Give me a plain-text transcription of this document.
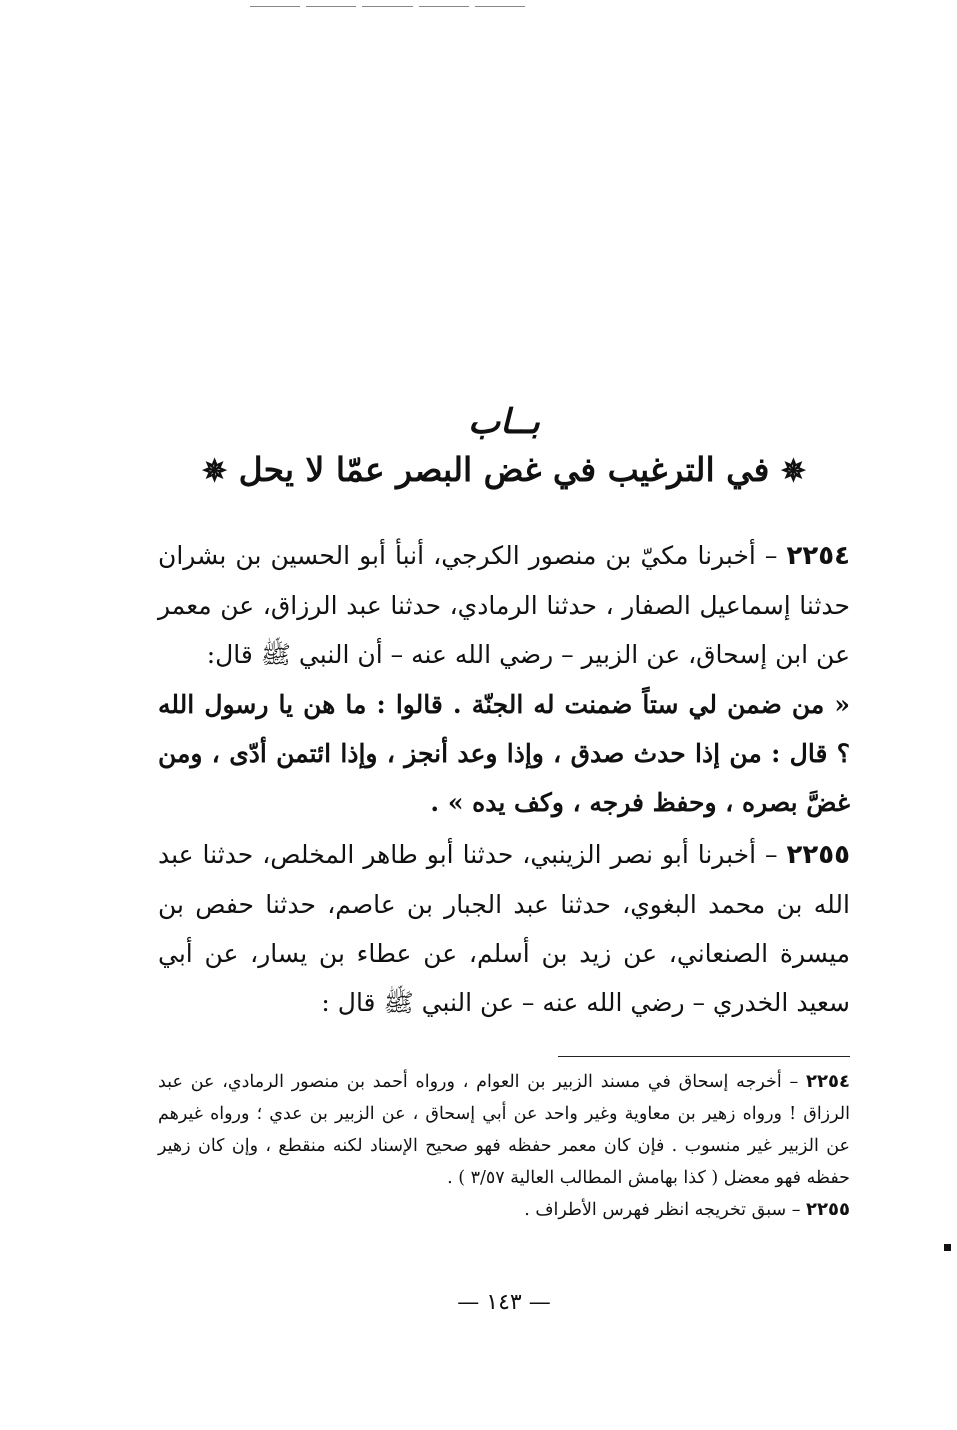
بــاب
✵ في الترغيب في غض البصر عمّا لا يحل ✵
٢٢٥٤ – أخبرنا مكيّ بن منصور الكرجي، أنبأ أبو الحسين بن بشران حدثنا إسماعيل الصفار ، حدثنا الرمادي، حدثنا عبد الرزاق، عن معمر عن ابن إسحاق، عن الزبير – رضي الله عنه – أن النبي ﷺ قال:
« من ضمن لي ستاً ضمنت له الجنّة . قالوا : ما هن يا رسول الله ؟ قال : من إذا حدث صدق ، وإذا وعد أنجز ، وإذا ائتمن أدّى ، ومن غضَّ بصره ، وحفظ فرجه ، وكف يده » .
٢٢٥٥ – أخبرنا أبو نصر الزينبي، حدثنا أبو طاهر المخلص، حدثنا عبد الله بن محمد البغوي، حدثنا عبد الجبار بن عاصم، حدثنا حفص بن ميسرة الصنعاني، عن زيد بن أسلم، عن عطاء بن يسار، عن أبي سعيد الخدري – رضي الله عنه – عن النبي ﷺ قال :
٢٢٥٤ – أخرجه إسحاق في مسند الزبير بن العوام ، ورواه أحمد بن منصور الرمادي، عن عبد الرزاق ! ورواه زهير بن معاوية وغير واحد عن أبي إسحاق ، عن الزبير بن عدي ؛ ورواه غيرهم عن الزبير غير منسوب . فإن كان معمر حفظه فهو صحيح الإسناد لكنه منقطع ، وإن كان زهير حفظه فهو معضل ( كذا بهامش المطالب العالية ٣/٥٧ ) .
٢٢٥٥ – سبق تخريجه انظر فهرس الأطراف .
— ١٤٣ —
